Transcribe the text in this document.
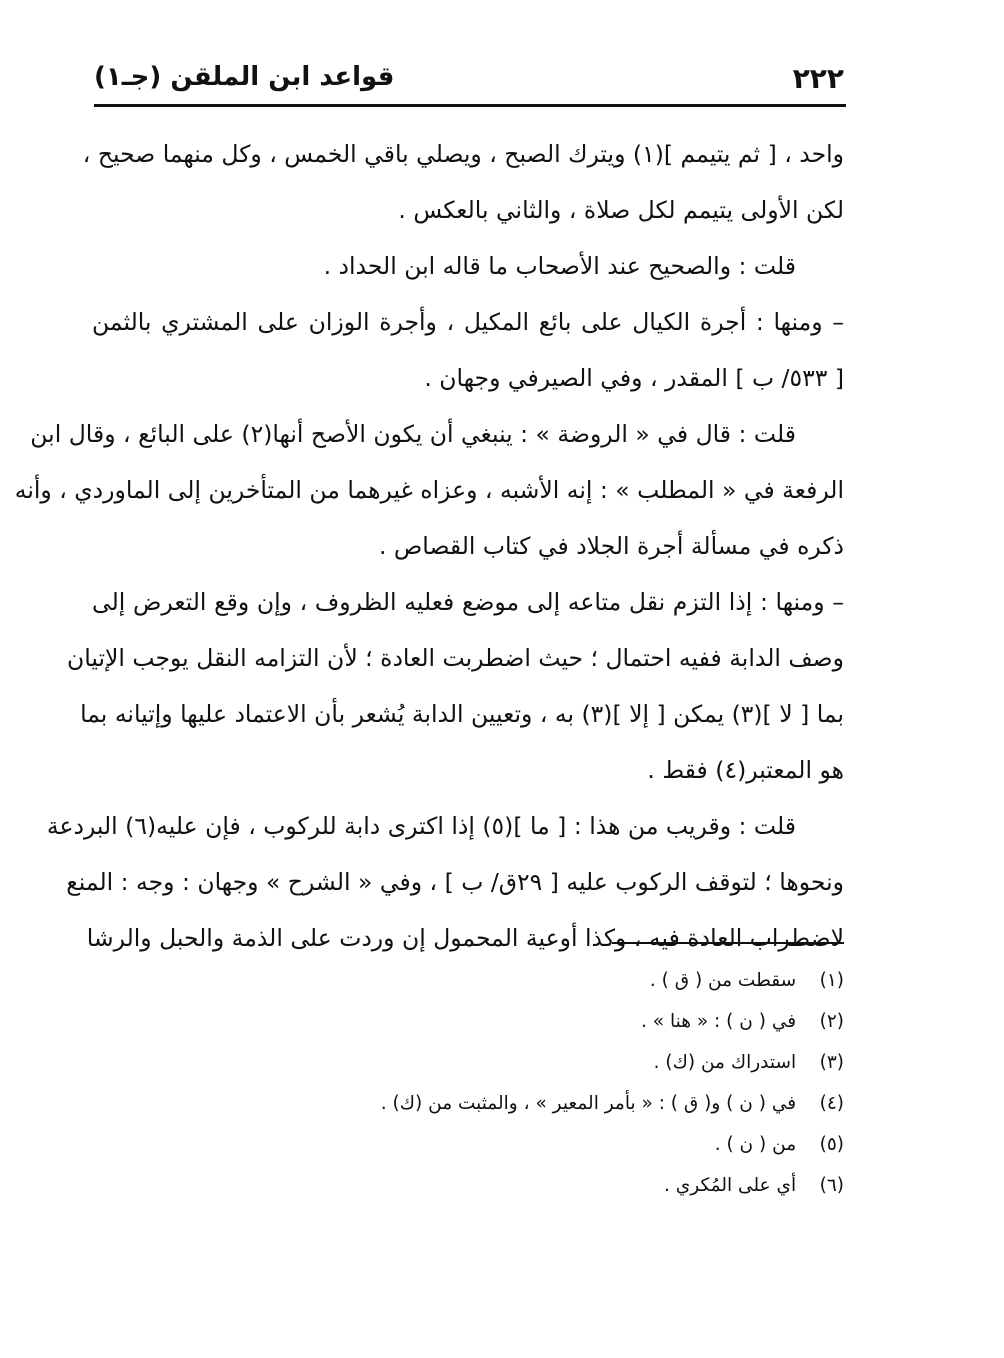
٢٢٢
قواعد ابن الملقن (جـ١)
واحد ، [ ثم يتيمم ](١) ويترك الصبح ، ويصلي باقي الخمس ، وكل منهما صحيح ،
لكن الأولى يتيمم لكل صلاة ، والثاني بالعكس .
قلت : والصحيح عند الأصحاب ما قاله ابن الحداد .
– ومنها : أجرة الكيال على بائع المكيل ، وأجرة الوزان على المشتري بالثمن
[ ٥٣٣/ ب ] المقدر ، وفي الصيرفي وجهان .
قلت : قال في « الروضة » : ينبغي أن يكون الأصح أنها(٢) على البائع ، وقال ابن
الرفعة في « المطلب » : إنه الأشبه ، وعزاه غيرهما من المتأخرين إلى الماوردي ، وأنه
ذكره في مسألة أجرة الجلاد في كتاب القصاص .
– ومنها : إذا التزم نقل متاعه إلى موضع فعليه الظروف ، وإن وقع التعرض إلى
وصف الدابة ففيه احتمال ؛ حيث اضطربت العادة ؛ لأن التزامه النقل يوجب الإتيان
بما [ لا ](٣) يمكن [ إلا ](٣) به ، وتعيين الدابة يُشعر بأن الاعتماد عليها وإتيانه بما
هو المعتبر(٤) فقط .
قلت : وقريب من هذا : [ ما ](٥) إذا اكترى دابة للركوب ، فإن عليه(٦) البردعة
ونحوها ؛ لتوقف الركوب عليه [ ٢٩ق/ ب ] ، وفي « الشرح » وجهان : وجه : المنع
لاضطراب العادة فيه ، وكذا أوعية المحمول إن وردت على الذمة والحبل والرشا
(١) سقطت من ( ق ) .
(٢) في ( ن ) : « هنا » .
(٣) استدراك من (ك) .
(٤) في ( ن ) و( ق ) : « بأمر المعير » ، والمثبت من (ك) .
(٥) من ( ن ) .
(٦) أي على المُكري .
